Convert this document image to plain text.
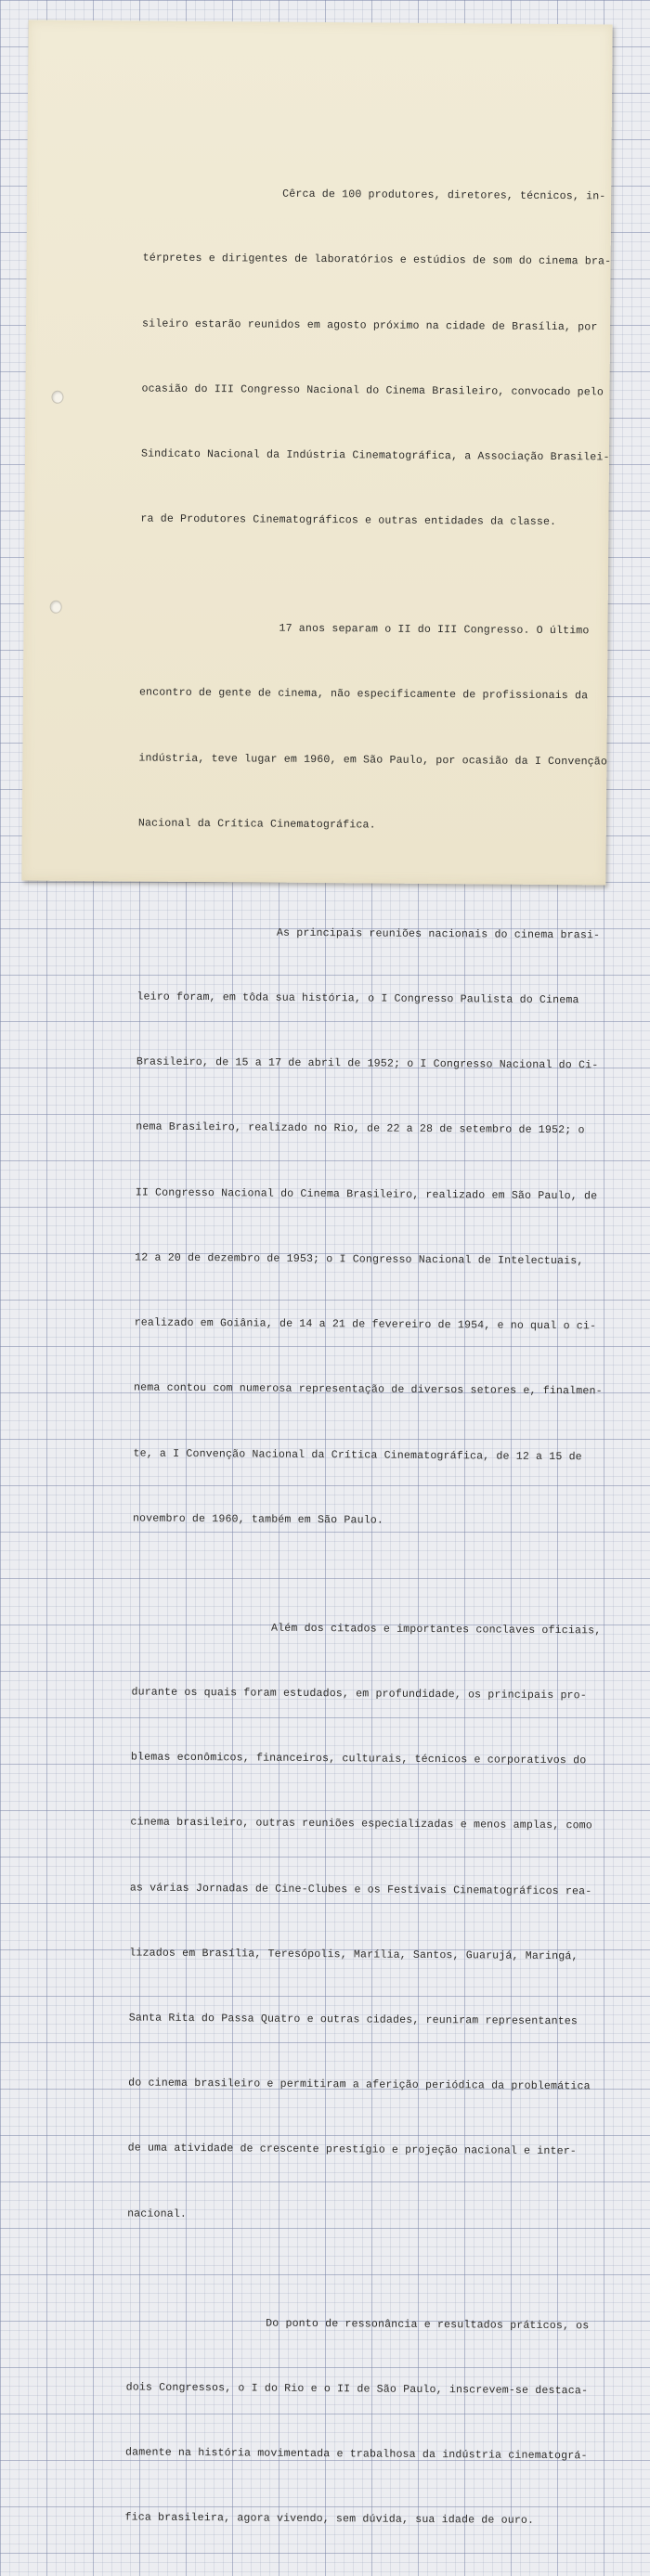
Cêrca de 100 produtores, diretores, técnicos, in-

térpretes e dirigentes de laboratórios e estúdios de som do cinema bra-

sileiro estarão reunidos em agosto próximo na cidade de Brasília, por

ocasião do III Congresso Nacional do Cinema Brasileiro, convocado pelo

Sindicato Nacional da Indústria Cinematográfica, a Associação Brasilei-

ra de Produtores Cinematográficos e outras entidades da classe.

17 anos separam o II do III Congresso. O último

encontro de gente de cinema, não especificamente de profissionais da

indústria, teve lugar em 1960, em São Paulo, por ocasião da I Convenção

Nacional da Crítica Cinematográfica.

As principais reuniões nacionais do cinema brasi-

leiro foram, em tôda sua história, o I Congresso Paulista do Cinema

Brasileiro, de 15 a 17 de abril de 1952; o I Congresso Nacional do Ci-

nema Brasileiro, realizado no Rio, de 22 a 28 de setembro de 1952; o

II Congresso Nacional do Cinema Brasileiro, realizado em São Paulo, de

12 a 20 de dezembro de 1953; o I Congresso Nacional de Intelectuais,

realizado em Goiânia, de 14 a 21 de fevereiro de 1954, e no qual o ci-

nema contou com numerosa representação de diversos setores e, finalmen-

te, a I Convenção Nacional da Crítica Cinematográfica, de 12 a 15 de

novembro de 1960, também em São Paulo.

Além dos citados e importantes conclaves oficiais,

durante os quais foram estudados, em profundidade, os principais pro-

blemas econômicos, financeiros, culturais, técnicos e corporativos do

cinema brasileiro, outras reuniões especializadas e menos amplas, como

as várias Jornadas de Cine-Clubes e os Festivais Cinematográficos rea-

lizados em Brasília, Teresópolis, Marília, Santos, Guarujá, Maringá,

Santa Rita do Passa Quatro e outras cidades, reuniram representantes

do cinema brasileiro e permitiram a aferição periódica da problemática

de uma atividade de crescente prestígio e projeção nacional e inter-

nacional.

Do ponto de ressonância e resultados práticos, os

dois Congressos, o I do Rio e o II de São Paulo, inscrevem-se destaca-

damente na história movimentada e trabalhosa da indústria cinematográ-

fica brasileira, agora vivendo, sem dúvida, sua idade de ouro.
